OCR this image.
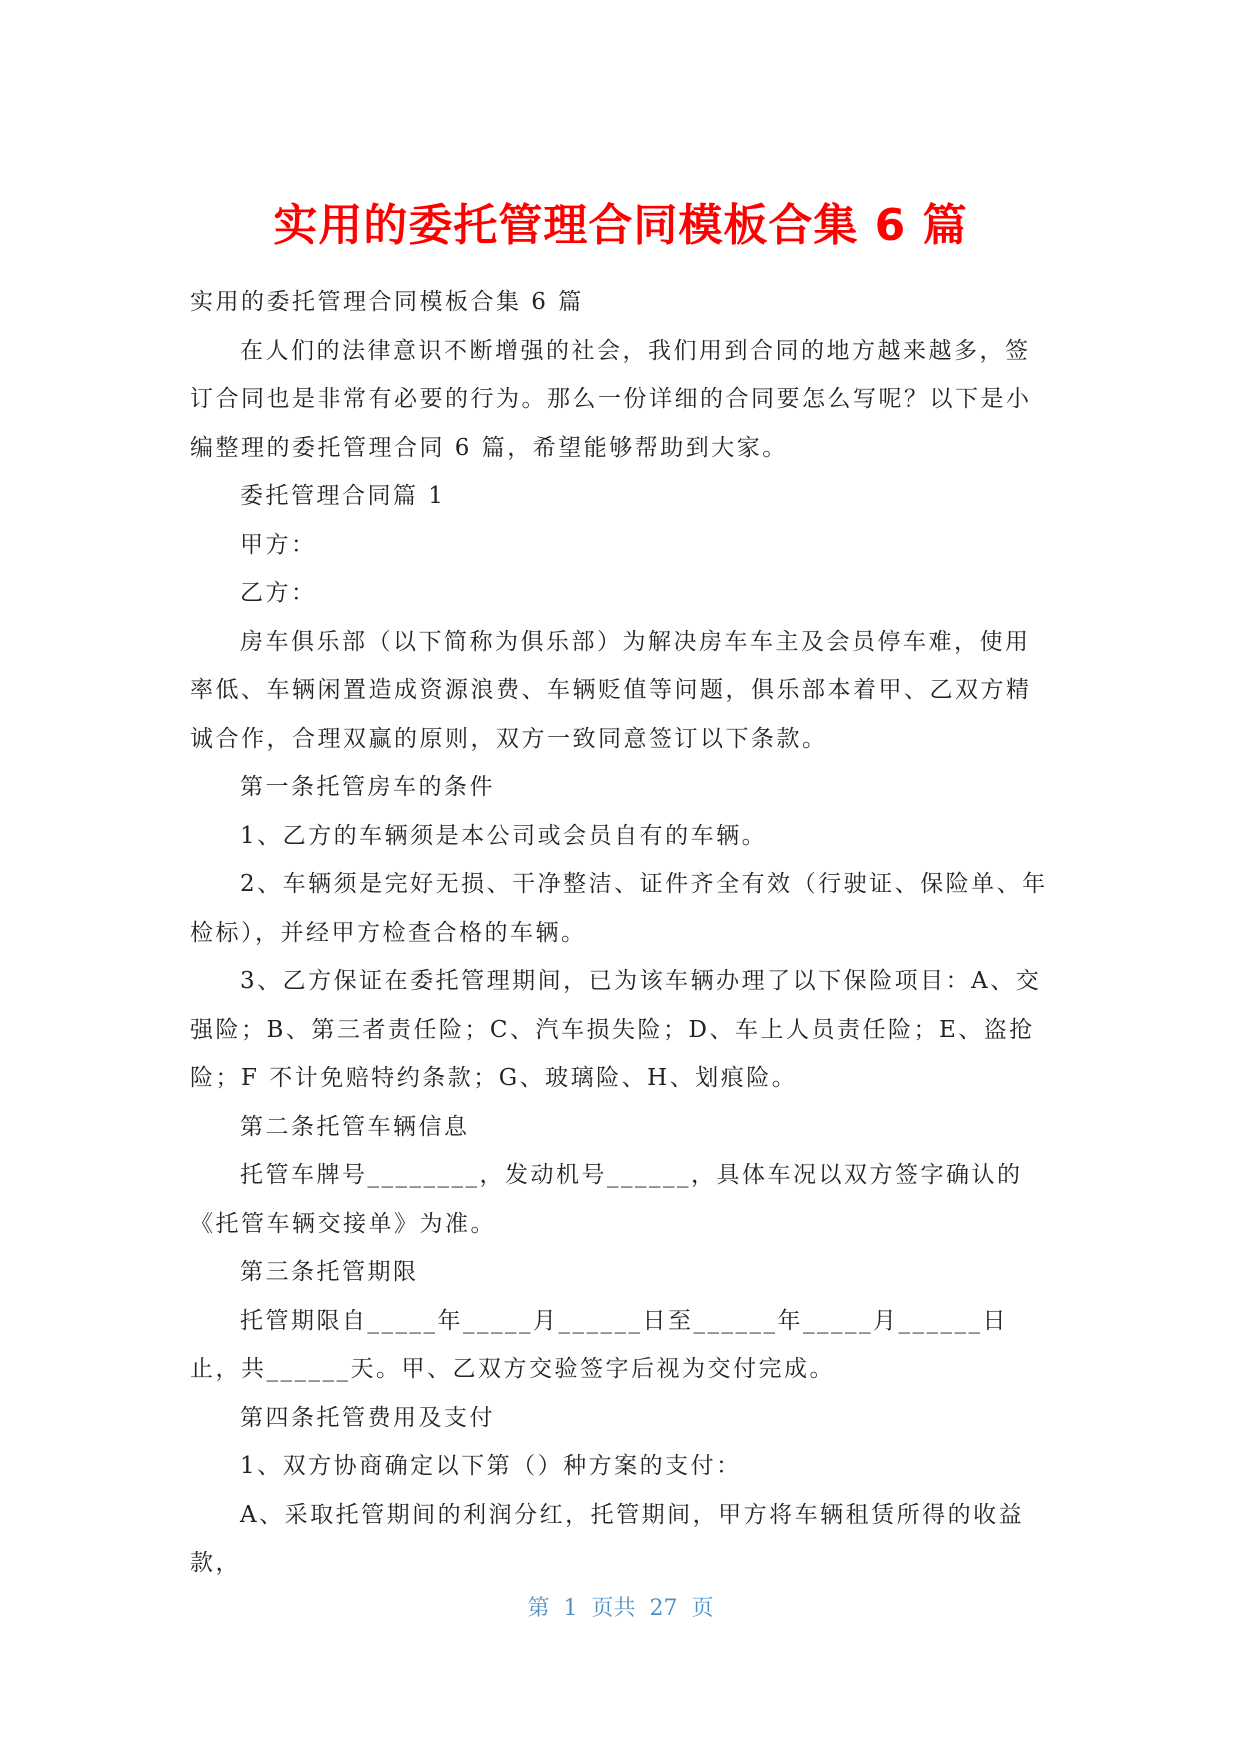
实用的委托管理合同模板合集 6 篇

实用的委托管理合同模板合集 6 篇

在人们的法律意识不断增强的社会，我们用到合同的地方越来越多，签订合同也是非常有必要的行为。那么一份详细的合同要怎么写呢？以下是小编整理的委托管理合同 6 篇，希望能够帮助到大家。

委托管理合同篇 1

甲方：

乙方：

房车俱乐部（以下简称为俱乐部）为解决房车车主及会员停车难，使用率低、车辆闲置造成资源浪费、车辆贬值等问题，俱乐部本着甲、乙双方精诚合作，合理双赢的原则，双方一致同意签订以下条款。

第一条托管房车的条件

1、乙方的车辆须是本公司或会员自有的车辆。

2、车辆须是完好无损、干净整洁、证件齐全有效（行驶证、保险单、年检标），并经甲方检查合格的车辆。

3、乙方保证在委托管理期间，已为该车辆办理了以下保险项目：A、交强险；B、第三者责任险；C、汽车损失险；D、车上人员责任险；E、盗抢险；F 不计免赔特约条款；G、玻璃险、H、划痕险。

第二条托管车辆信息

托管车牌号________，发动机号______，具体车况以双方签字确认的《托管车辆交接单》为准。

第三条托管期限

托管期限自_____年_____月______日至______年_____月______日止，共______天。甲、乙双方交验签字后视为交付完成。

第四条托管费用及支付

1、双方协商确定以下第（）种方案的支付：

A、采取托管期间的利润分红，托管期间，甲方将车辆租赁所得的收益款，

第  1  页共  27  页
